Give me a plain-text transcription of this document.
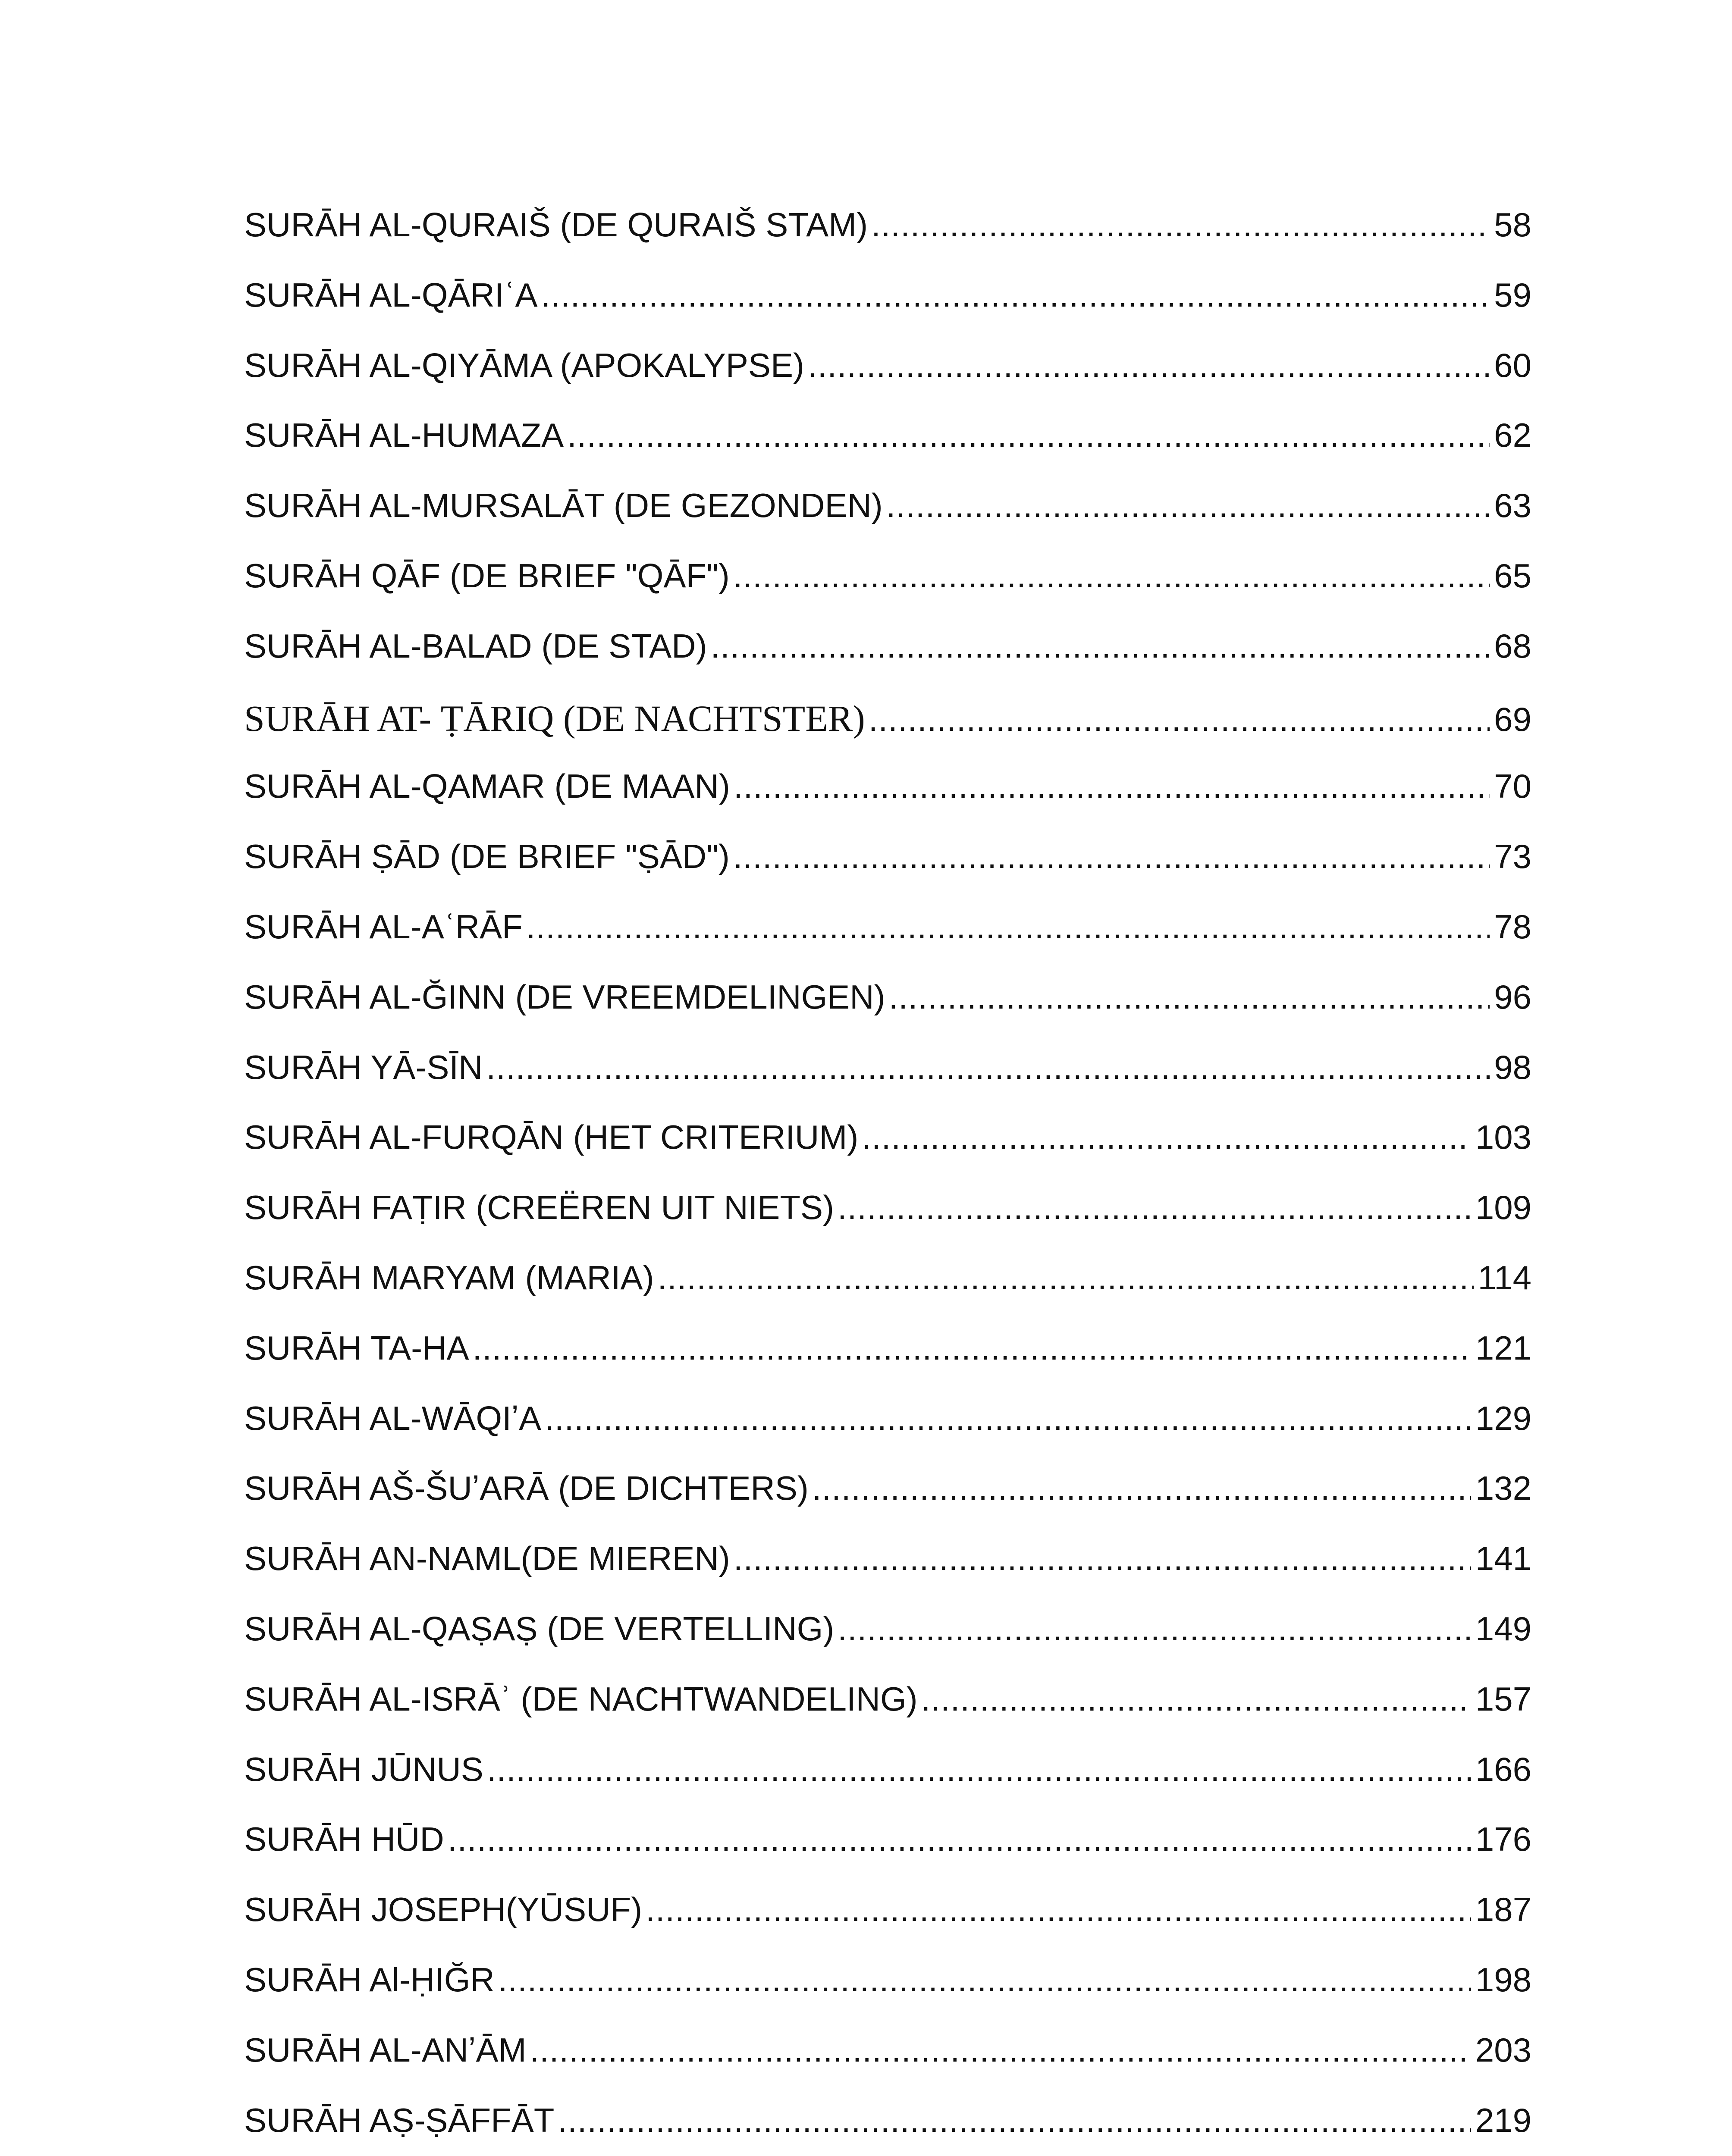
SURĀH AL-QURAIŠ (DE QURAIŠ STAM) .....	58
SURĀH AL-QĀRIʿA .....	59
SURĀH AL-QIYĀMA (APOKALYPSE) .....	60
SURĀH AL-HUMAZA .....	62
SURĀH AL-MURSALĀT (DE GEZONDEN) .....	63
SURĀH QĀF (DE BRIEF "QĀF") .....	65
SURĀH AL-BALAD (DE STAD) .....	68
SURĀH AT- ṬĀRIQ (DE NACHTSTER) .....	69
SURĀH AL-QAMAR (DE MAAN) .....	70
SURĀH ṢĀD (DE BRIEF "ṢĀD") .....	73
SURĀH AL-AʿRĀF .....	78
SURĀH AL-ĞINN (DE VREEMDELINGEN) .....	96
SURĀH YĀ-SĪN .....	98
SURĀH AL-FURQĀN (HET CRITERIUM) .....	103
SURĀH FAṬIR (CREËREN UIT NIETS) .....	109
SURĀH MARYAM (MARIA) .....	114
SURĀH TA-HA .....	121
SURĀH AL-WĀQIʼA .....	129
SURĀH AŠ-ŠUʼARĀ (DE DICHTERS) .....	132
SURĀH AN-NAML(DE MIEREN) .....	141
SURĀH AL-QAṢAṢ (DE VERTELLING) .....	149
SURĀH AL-ISRĀʾ (DE NACHTWANDELING) .....	157
SURĀH JŪNUS .....	166
SURĀH HŪD .....	176
SURĀH JOSEPH(YŪSUF) .....	187
SURĀH Al-ḤIĞR .....	198
SURĀH AL-ANʼĀM .....	203
SURĀH AṢ-ṢĀFFĀT .....	219
